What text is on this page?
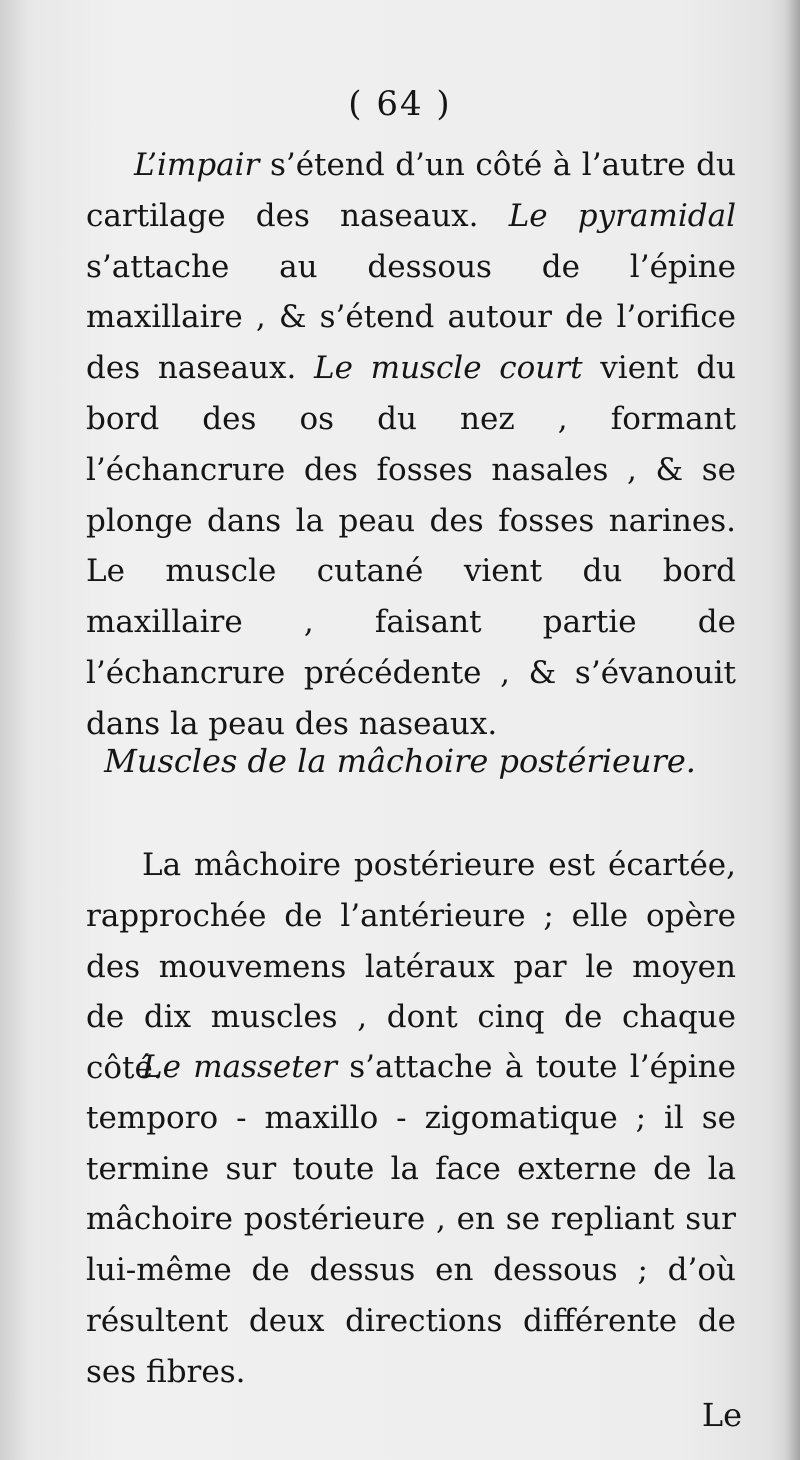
( 64 )
L’impair s’étend d’un côté à l’autre du cartilage des naseaux. Le pyramidal s’attache au dessous de l’épine maxillaire , & s’étend autour de l’orifice des naseaux. Le muscle court vient du bord des os du nez , formant l’échancrure des fosses nasales , & se plonge dans la peau des fosses narines. Le muscle cutané vient du bord maxillaire , faisant partie de l’échancrure précédente , & s’évanouit dans la peau des naseaux.
Muscles de la mâchoire postérieure.
La mâchoire postérieure est écartée, rapprochée de l’antérieure ; elle opère des mouvemens latéraux par le moyen de dix muscles , dont cinq de chaque côté.
Le masseter s’attache à toute l’épine temporo - maxillo - zigomatique ; il se termine sur toute la face externe de la mâchoire postérieure , en se repliant sur lui-même de dessus en dessous ; d’où résultent deux directions différente de ses fibres.
Le
